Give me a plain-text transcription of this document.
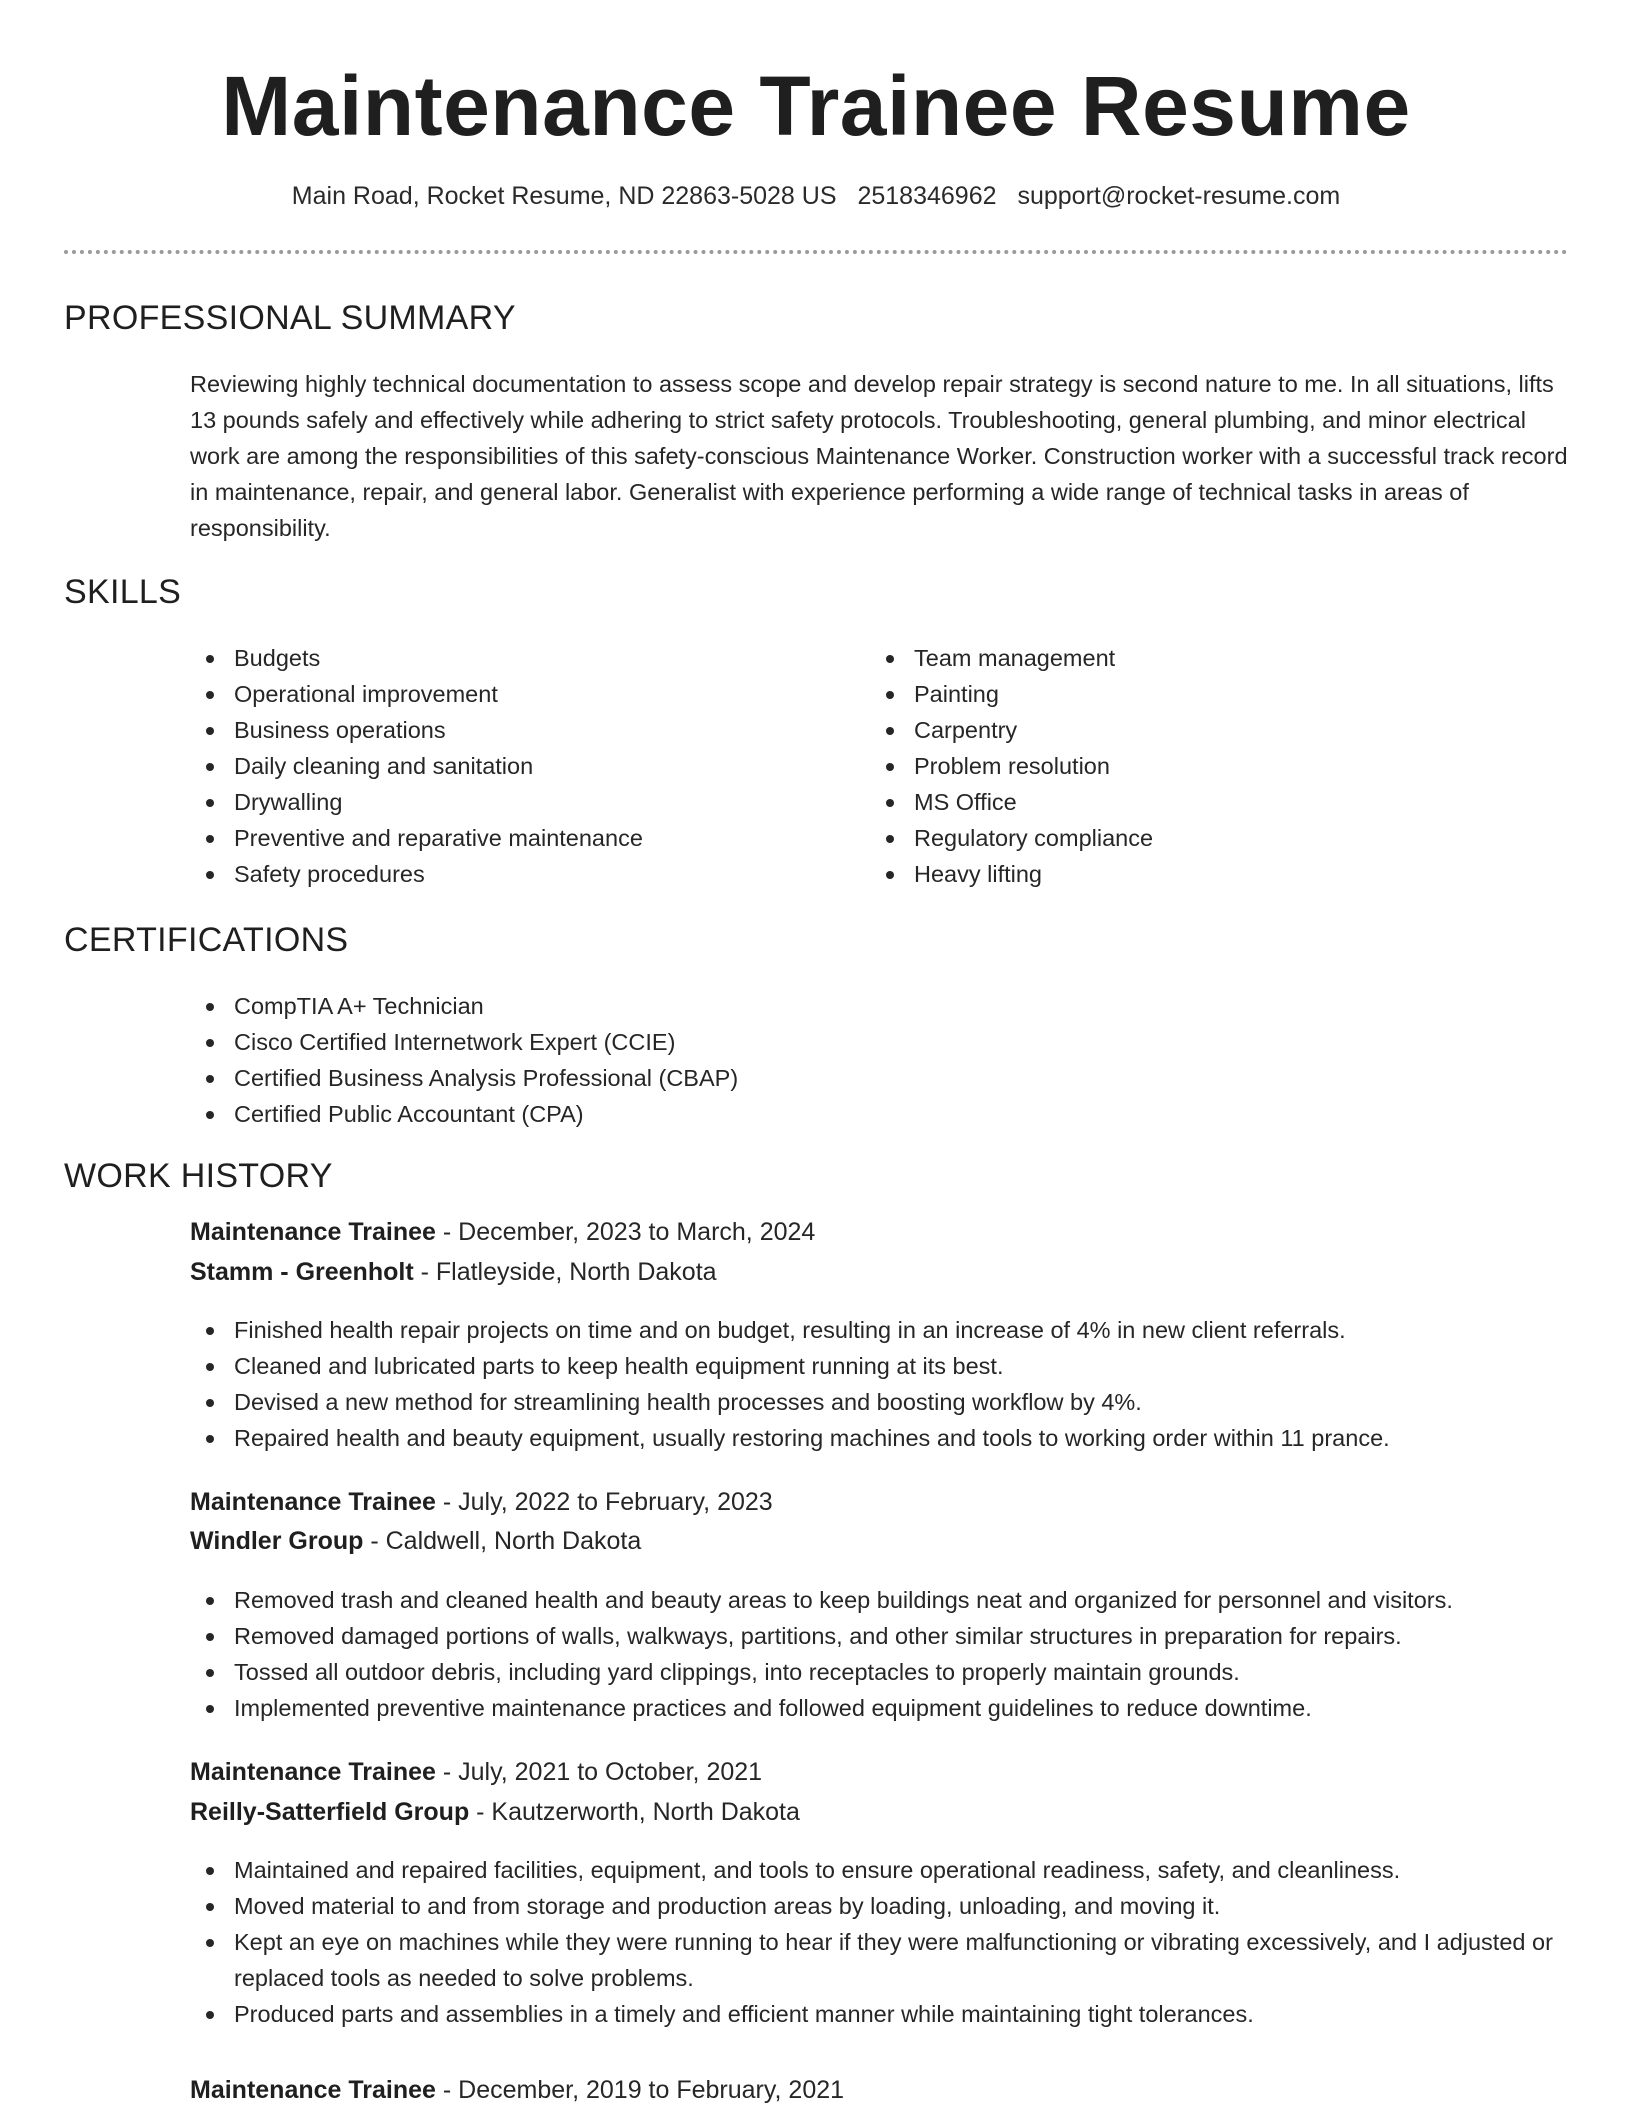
Maintenance Trainee Resume
Main Road, Rocket Resume, ND 22863-5028 US 2518346962 support@rocket-resume.com
PROFESSIONAL SUMMARY

Reviewing highly technical documentation to assess scope and develop repair strategy is second nature to me. In all situations, lifts 13 pounds safely and effectively while adhering to strict safety protocols. Troubleshooting, general plumbing, and minor electrical work are among the responsibilities of this safety-conscious Maintenance Worker. Construction worker with a successful track record in maintenance, repair, and general labor. Generalist with experience performing a wide range of technical tasks in areas of responsibility.

SKILLS
Budgets
Operational improvement
Business operations
Daily cleaning and sanitation
Drywalling
Preventive and reparative maintenance
Safety procedures
Team management
Painting
Carpentry
Problem resolution
MS Office
Regulatory compliance
Heavy lifting
CERTIFICATIONS
CompTIA A+ Technician
Cisco Certified Internetwork Expert (CCIE)
Certified Business Analysis Professional (CBAP)
Certified Public Accountant (CPA)
WORK HISTORY

Maintenance Trainee - December, 2023 to March, 2024

Stamm - Greenholt - Flatleyside, North Dakota

Finished health repair projects on time and on budget, resulting in an increase of 4% in new client referrals.
Cleaned and lubricated parts to keep health equipment running at its best.
Devised a new method for streamlining health processes and boosting workflow by 4%.
Repaired health and beauty equipment, usually restoring machines and tools to working order within 11 prance.

Maintenance Trainee - July, 2022 to February, 2023

Windler Group - Caldwell, North Dakota

Removed trash and cleaned health and beauty areas to keep buildings neat and organized for personnel and visitors.
Removed damaged portions of walls, walkways, partitions, and other similar structures in preparation for repairs.
Tossed all outdoor debris, including yard clippings, into receptacles to properly maintain grounds.
Implemented preventive maintenance practices and followed equipment guidelines to reduce downtime.

Maintenance Trainee - July, 2021 to October, 2021

Reilly-Satterfield Group - Kautzerworth, North Dakota

Maintained and repaired facilities, equipment, and tools to ensure operational readiness, safety, and cleanliness.
Moved material to and from storage and production areas by loading, unloading, and moving it.
Kept an eye on machines while they were running to hear if they were malfunctioning or vibrating excessively, and I adjusted or replaced tools as needed to solve problems.
Produced parts and assemblies in a timely and efficient manner while maintaining tight tolerances.

Maintenance Trainee - December, 2019 to February, 2021
